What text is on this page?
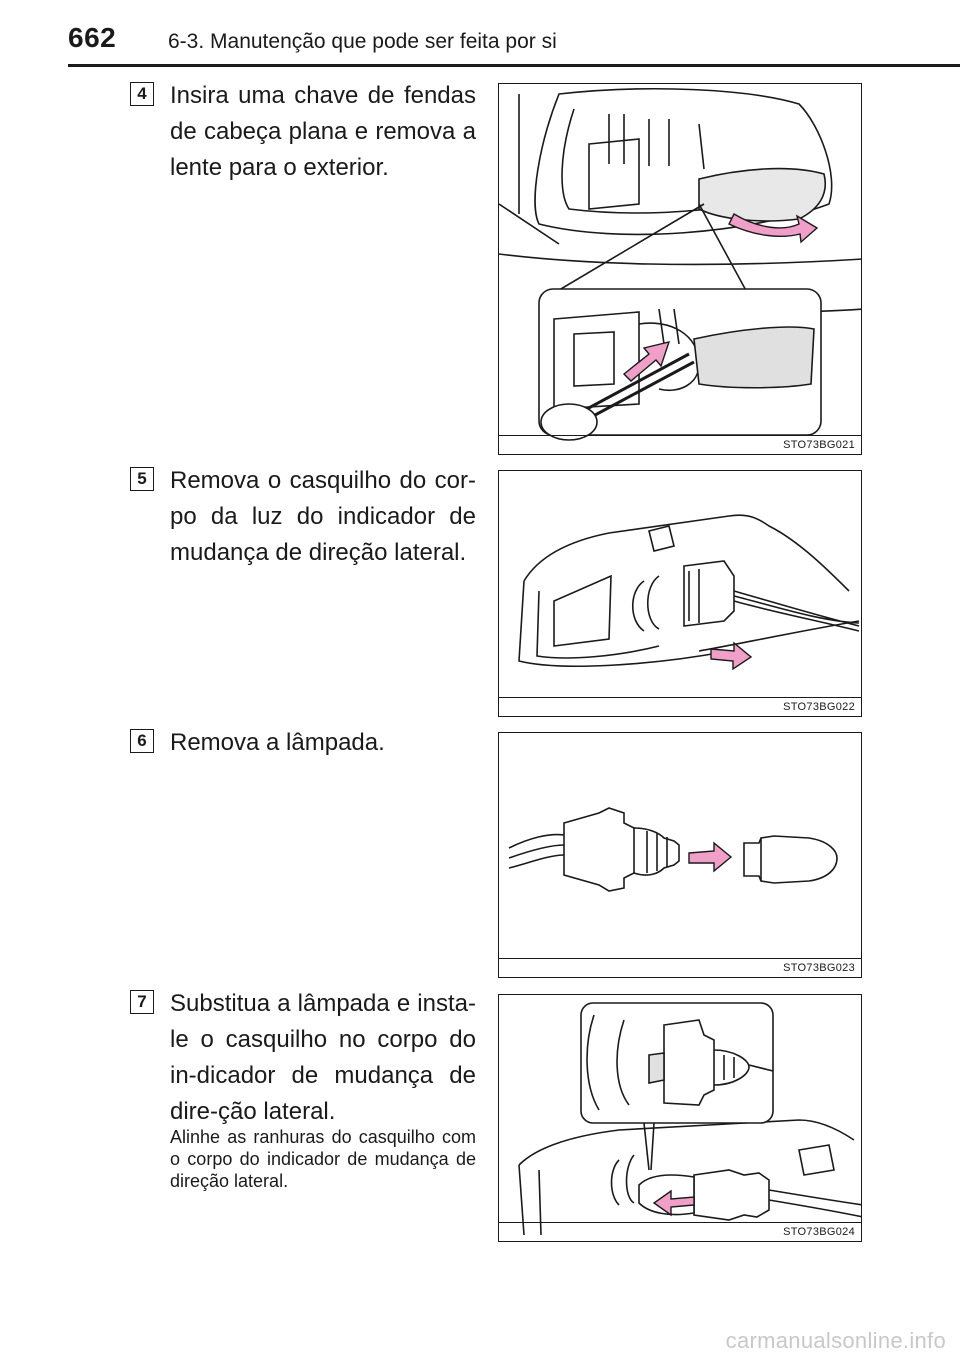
662 6-3. Manutenção que pode ser feita por si
4 Insira uma chave de fendas de cabeça plana e remova a lente para o exterior.
STO73BG021
5 Remova o casquilho do cor-po da luz do indicador de mudança de direção lateral.
STO73BG022
6 Remova a lâmpada.
STO73BG023
7 Substitua a lâmpada e insta-le o casquilho no corpo do in-dicador de mudança de dire-ção lateral.
Alinhe as ranhuras do casquilho com o corpo do indicador de mudança de direção lateral.
STO73BG024
carmanualsonline.info
